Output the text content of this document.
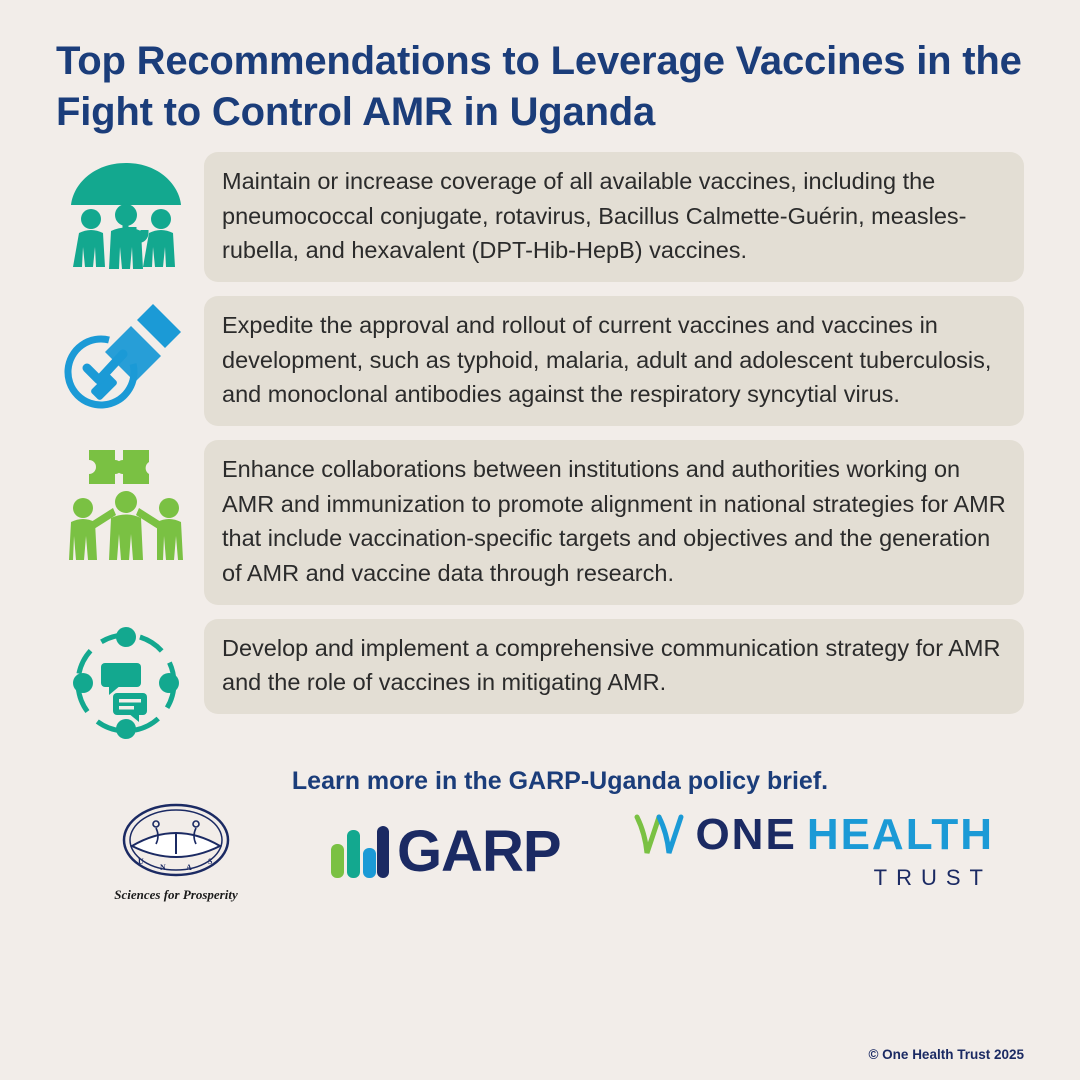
Top Recommendations to Leverage Vaccines in the Fight to Control AMR in Uganda
Maintain or increase coverage of all available vaccines, including the pneumococcal conjugate, rotavirus, Bacillus Calmette-Guérin, measles-rubella, and hexavalent (DPT-Hib-HepB) vaccines.
Expedite the approval and rollout of current vaccines and vaccines in development, such as typhoid, malaria, adult and adolescent tuberculosis, and monoclonal antibodies against the respiratory syncytial virus.
Enhance collaborations between institutions and authorities working on AMR and immunization to promote alignment in national strategies for AMR that include vaccination-specific targets and objectives and the generation of AMR and vaccine data through research.
Develop and implement a comprehensive communication strategy for AMR and the role of vaccines in mitigating AMR.
Learn more in the GARP-Uganda policy brief.
U
N	A
S
Sciences for Prosperity
GARP	ONE HEALTH
TRUST
© One Health Trust 2025
